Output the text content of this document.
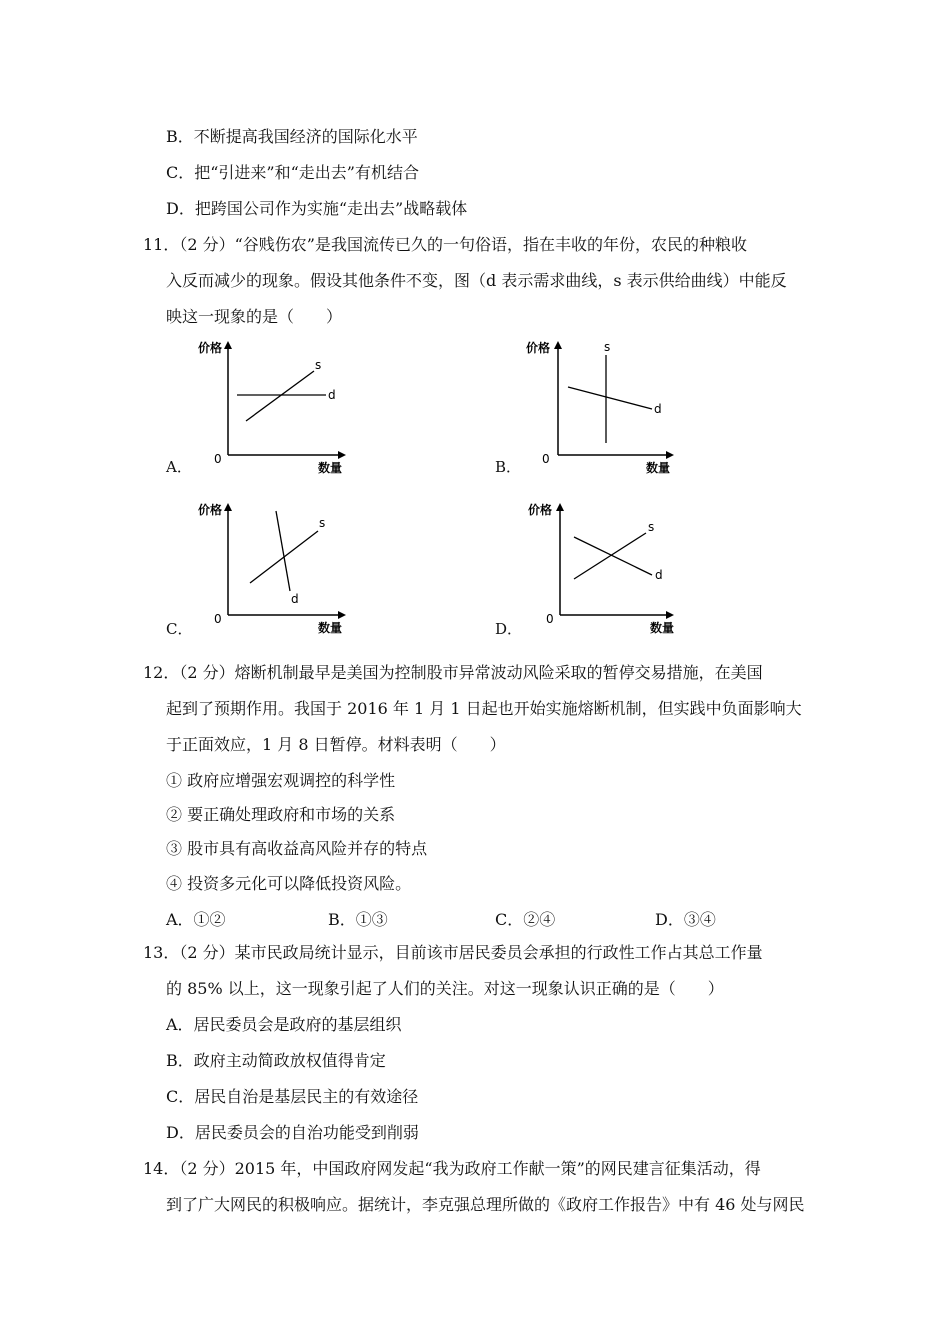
B．不断提高我国经济的国际化水平
C．把“引进来”和“走出去”有机结合
D．把跨国公司作为实施“走出去”战略载体
11．（2 分）“谷贱伤农”是我国流传已久的一句俗语，指在丰收的年份，农民的种粮收
入反而减少的现象。假设其他条件不变，图（d 表示需求曲线，s 表示供给曲线）中能反
映这一现象的是（　　）
A．
价格
0
数量
s
d
B．
价格
0
数量
s
d
C．
价格
0
数量
s
d
D．
价格
0
数量
s
d
12．（2 分）熔断机制最早是美国为控制股市异常波动风险采取的暂停交易措施，在美国
起到了预期作用。我国于 2016 年 1 月 1 日起也开始实施熔断机制，但实践中负面影响大
于正面效应，1 月 8 日暂停。材料表明（　　）
① 政府应增强宏观调控的科学性
② 要正确处理政府和市场的关系
③ 股市具有高收益高风险并存的特点
④ 投资多元化可以降低投资风险。
A．①②	B．①③	C．②④	D．③④
13．（2 分）某市民政局统计显示，目前该市居民委员会承担的行政性工作占其总工作量
的 85% 以上，这一现象引起了人们的关注。对这一现象认识正确的是（　　）
A．居民委员会是政府的基层组织
B．政府主动简政放权值得肯定
C．居民自治是基层民主的有效途径
D．居民委员会的自治功能受到削弱
14．（2 分）2015 年，中国政府网发起“我为政府工作献一策”的网民建言征集活动，得
到了广大网民的积极响应。据统计，李克强总理所做的《政府工作报告》中有 46 处与网民
